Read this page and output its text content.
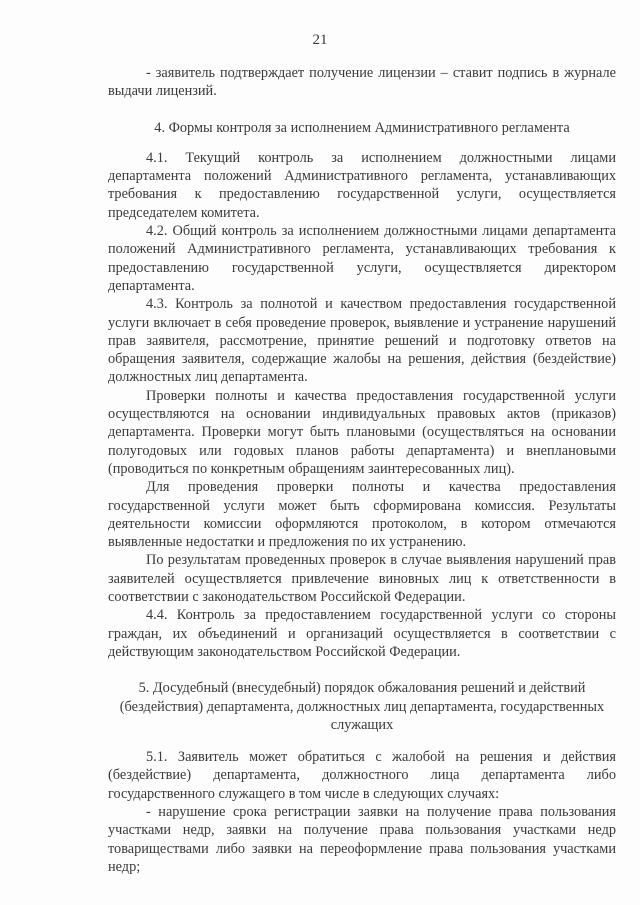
21

- заявитель подтверждает получение лицензии – ставит подпись в журнале выдачи лицензий.

4. Формы контроля за исполнением Административного регламента

4.1. Текущий контроль за исполнением должностными лицами департамента положений Административного регламента, устанавливающих требования к предоставлению государственной услуги, осуществляется председателем комитета.

4.2. Общий контроль за исполнением должностными лицами департамента положений Административного регламента, устанавливающих требования к предоставлению государственной услуги, осуществляется директором департамента.

4.3. Контроль за полнотой и качеством предоставления государственной услуги включает в себя проведение проверок, выявление и устранение нарушений прав заявителя, рассмотрение, принятие решений и подготовку ответов на обращения заявителя, содержащие жалобы на решения, действия (бездействие) должностных лиц департамента.

Проверки полноты и качества предоставления государственной услуги осуществляются на основании индивидуальных правовых актов (приказов) департамента. Проверки могут быть плановыми (осуществляться на основании полугодовых или годовых планов работы департамента) и внеплановыми (проводиться по конкретным обращениям заинтересованных лиц).

Для проведения проверки полноты и качества предоставления государственной услуги может быть сформирована комиссия. Результаты деятельности комиссии оформляются протоколом, в котором отмечаются выявленные недостатки и предложения по их устранению.

По результатам проведенных проверок в случае выявления нарушений прав заявителей осуществляется привлечение виновных лиц к ответственности в соответствии с законодательством Российской Федерации.

4.4. Контроль за предоставлением государственной услуги со стороны граждан, их объединений и организаций осуществляется в соответствии с действующим законодательством Российской Федерации.

5. Досудебный (внесудебный) порядок обжалования решений и действий (бездействия) департамента, должностных лиц департамента, государственных служащих

5.1. Заявитель может обратиться с жалобой на решения и действия (бездействие) департамента, должностного лица департамента либо государственного служащего в том числе в следующих случаях:

- нарушение срока регистрации заявки на получение права пользования участками недр, заявки на получение права пользования участками недр товариществами либо заявки на переоформление права пользования участками недр;
